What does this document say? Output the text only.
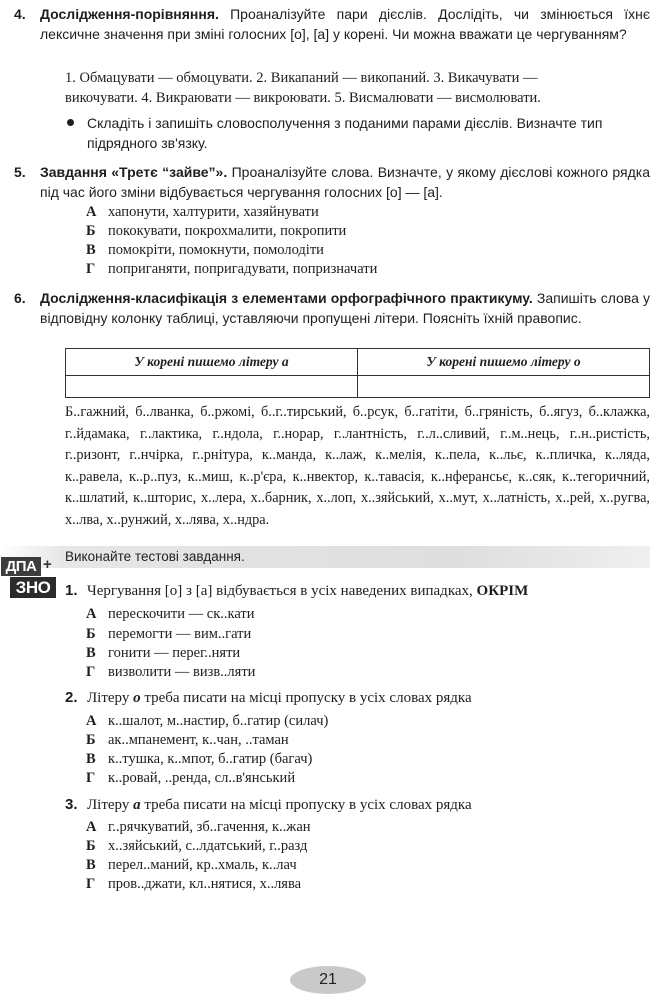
4. Дослідження-порівняння. Проаналізуйте пари дієслів. Дослідіть, чи змінюється їхнє лексичне значення при зміні голосних [о], [а] у корені. Чи можна вважати це чергуванням?
1. Обмацувати — обмоцувати. 2. Викапаний — викопаний. 3. Викачувати —
викочувати. 4. Викраювати — викроювати. 5. Висмалювати — висмолювати.
Складіть і запишіть словосполучення з поданими парами дієслів. Визначте тип підрядного зв'язку.
5. Завдання «Третє “зайве”». Проаналізуйте слова. Визначте, у якому дієслові кожного рядка під час його зміни відбувається чергування голосних [о] — [а].
А хапонути, халтурити, хазяйнувати
Б пококувати, покрохмалити, покропити
В помокріти, помокнути, помолодіти
Г поприганяти, попригадувати, попризначати
6. Дослідження-класифікація з елементами орфографічного практикуму. Запишіть слова у відповідну колонку таблиці, уставляючи пропущені літери. Поясніть їхній правопис.
У корені пишемо літеру а	У корені пишемо літеру о

Б..гажний, б..лванка, б..ржомі, б..г..тирський, б..рсук, б..гатіти, б..гряність, б..ягуз, б..клажка, г..йдамака, г..лактика, г..ндола, г..норар, г..лантність, г..л..сливий, г..м..нець, г..н..ристість, г..ризонт, г..нчірка, г..рнітура, к..манда, к..лаж, к..мелія, к..пела, к..льє, к..пличка, к..ляда, к..равела, к..р..пуз, к..миш, к..р'єра, к..нвектор, к..тавасія, к..нферансьє, к..сяк, к..тегоричний, к..шлатий, к..шторис, х..лера, х..барник, х..лоп, х..зяйський, х..мут, х..латність, х..рей, х..ругва, х..лва, х..рунжий, х..лява, х..ндра.
Виконайте тестові завдання.
ДПА +
ЗНО 1. Чергування [о] з [а] відбувається в усіх наведених випадках, ОКРІМ
А перескочити — ск..кати
Б перемогти — вим..гати
В гонити — перег..няти
Г визволити — визв..ляти
2. Літеру о треба писати на місці пропуску в усіх словах рядка
А к..шалот, м..настир, б..гатир (силач)
Б ак..мпанемент, к..чан, ..таман
В к..тушка, к..мпот, б..гатир (багач)
Г к..ровай, ..ренда, сл..в'янський
3. Літеру а треба писати на місці пропуску в усіх словах рядка
А г..рячкуватий, зб..гачення, к..жан
Б х..зяйський, с..лдатський, г..разд
В перел..маний, кр..хмаль, к..лач
Г пров..джати, кл..нятися, х..лява
21
